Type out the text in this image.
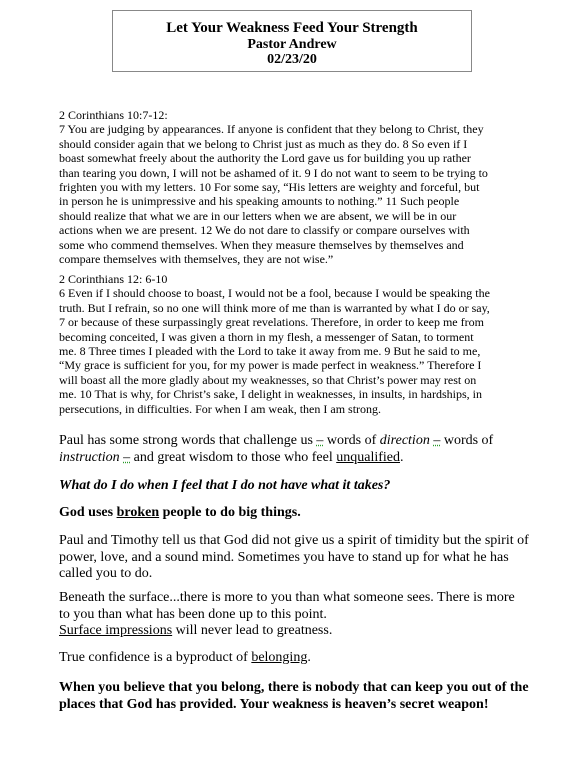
Let Your Weakness Feed Your Strength
Pastor Andrew
02/23/20
2 Corinthians 10:7-12:
7 You are judging by appearances. If anyone is confident that they belong to Christ, they
should consider again that we belong to Christ just as much as they do. 8 So even if I
boast somewhat freely about the authority the Lord gave us for building you up rather
than tearing you down, I will not be ashamed of it. 9 I do not want to seem to be trying to
frighten you with my letters. 10 For some say, “His letters are weighty and forceful, but
in person he is unimpressive and his speaking amounts to nothing.” 11 Such people
should realize that what we are in our letters when we are absent, we will be in our
actions when we are present. 12 We do not dare to classify or compare ourselves with
some who commend themselves. When they measure themselves by themselves and
compare themselves with themselves, they are not wise.”
2 Corinthians 12: 6-10
6 Even if I should choose to boast, I would not be a fool, because I would be speaking the
truth. But I refrain, so no one will think more of me than is warranted by what I do or say,
7 or because of these surpassingly great revelations. Therefore, in order to keep me from
becoming conceited, I was given a thorn in my flesh, a messenger of Satan, to torment
me. 8 Three times I pleaded with the Lord to take it away from me. 9 But he said to me,
“My grace is sufficient for you, for my power is made perfect in weakness.” Therefore I
will boast all the more gladly about my weaknesses, so that Christ’s power may rest on
me. 10 That is why, for Christ’s sake, I delight in weaknesses, in insults, in hardships, in
persecutions, in difficulties. For when I am weak, then I am strong.
Paul has some strong words that challenge us – words of direction – words of instruction – and great wisdom to those who feel unqualified.
What do I do when I feel that I do not have what it takes?
God uses broken people to do big things.
Paul and Timothy tell us that God did not give us a spirit of timidity but the spirit of power, love, and a sound mind. Sometimes you have to stand up for what he has called you to do.
Beneath the surface...there is more to you than what someone sees. There is more to you than what has been done up to this point.
Surface impressions will never lead to greatness.
True confidence is a byproduct of belonging.
When you believe that you belong, there is nobody that can keep you out of the places that God has provided. Your weakness is heaven’s secret weapon!
